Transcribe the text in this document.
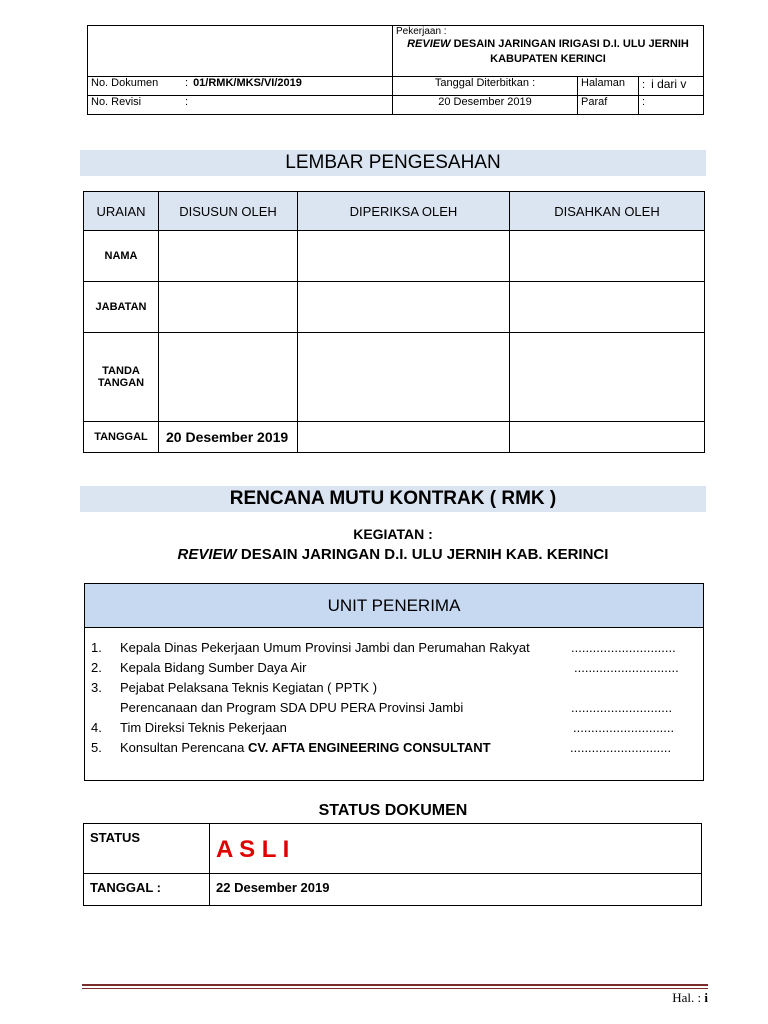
		Pekerjaan :
REVIEW DESAIN JARINGAN IRIGASI D.I. ULU JERNIH
KABUPATEN KERINCI		

No. Dokumen	: 01/RMK/MKS/VI/2019	Tanggal Diterbitkan :	Halaman	: i dari v
No. Revisi	:	20 Desember 2019	Paraf	:
LEMBAR PENGESAHAN
URAIAN	DISUSUN OLEH	DIPERIKSA OLEH	DISAHKAN OLEH
NAMA			
JABATAN			
TANDA TANGAN			
TANGGAL	20 Desember 2019		
RENCANA MUTU KONTRAK ( RMK )
KEGIATAN :
REVIEW DESAIN JARINGAN D.I. ULU JERNIH KAB. KERINCI
UNIT PENERIMA
1. Kepala Dinas Pekerjaan Umum Provinsi Jambi dan Perumahan Rakyat	.............................
2. Kepala Bidang Sumber Daya Air	.............................
3. Pejabat Pelaksana Teknis Kegiatan ( PPTK )
Perencanaan dan Program SDA DPU PERA Provinsi Jambi	............................
4. Tim Direksi Teknis Pekerjaan	............................
5. Konsultan Perencana CV. AFTA ENGINEERING CONSULTANT	............................
STATUS DOKUMEN
STATUS	A S L I
TANGGAL :	22 Desember 2019
Hal. : i
